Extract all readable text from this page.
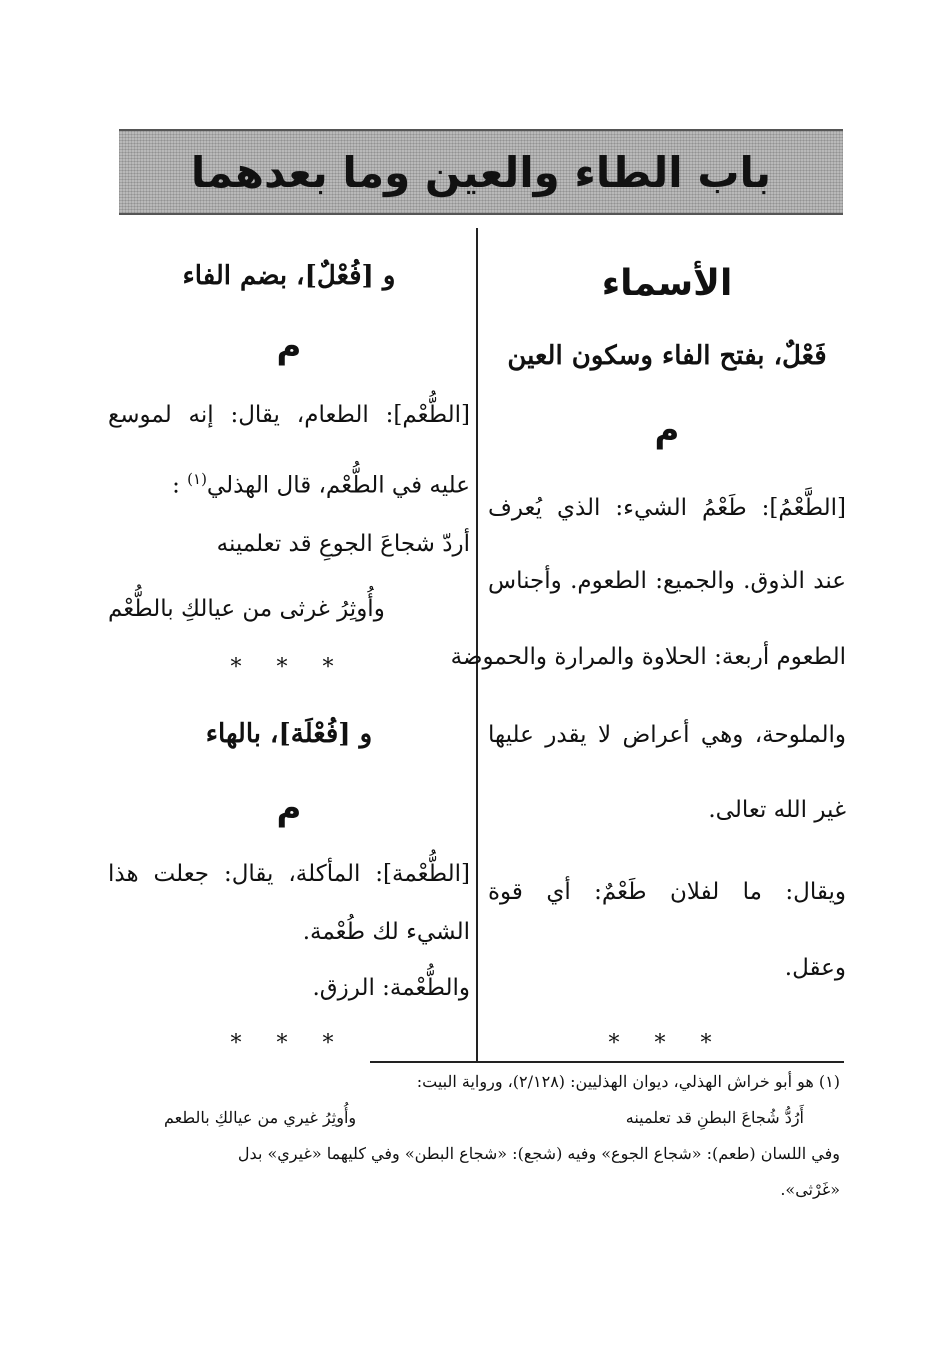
باب الطاء والعين وما بعدهما
الأسماء
فَعْلٌ، بفتح الفاء وسكون العين
م
[الطَّعْمُ]: طَعْمُ الشيء: الذي يُعرف
عند الذوق. والجميع: الطعوم. وأجناس
الطعوم أربعة: الحلاوة والمرارة والحموضة
والملوحة، وهي أعراض لا يقدر عليها
غير الله تعالى.
ويقال: ما لفلان طَعْمٌ: أي قوة
وعقل.
* * *
و [فُعْلٌ]، بضم الفاء
م
[الطُّعْم]: الطعام، يقال: إنه لموسع
عليه في الطُّعْم، قال الهذلي$^{(١)}$ :
أردّ شجاعَ الجوعِ قد تعلمينه
وأُوثِرُ غرثى من عيالكِ بالطُّعْم
* * *
و [فُعْلَة]، بالهاء
م
[الطُّعْمة]: المأكلة، يقال: جعلت هذا
الشيء لك طُعْمة.
والطُّعْمة: الرزق.
* * *
(١) هو أبو خراش الهذلي، ديوان الهذليين: (٢/١٢٨)، ورواية البيت:
أَرُدُّ شُجاعَ البطنِ قد تعلمينه
وأُوثِرُ غيري من عيالكِ بالطعم
وفي اللسان (طعم): «شجاع الجوع» وفيه (شجع): «شجاع البطن» وفي كليهما «غيري» بدل
«غَرْثى».
